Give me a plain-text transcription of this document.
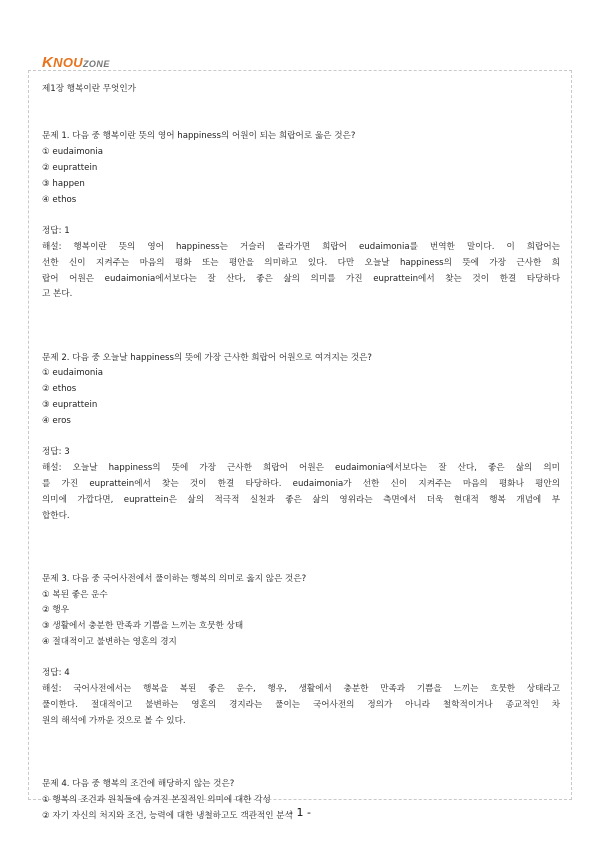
KNOUZONE
제1장 행복이란 무엇인가
문제 1. 다음 중 행복이란 뜻의 영어 happiness의 어원이 되는 희랍어로 옳은 것은?
① eudaimonia
② euprattein
③ happen
④ ethos
정답: 1
해설: 행복이란 뜻의 영어 happiness는 거슬러 올라가면 희랍어 eudaimonia를 번역한 말이다. 이 희랍어는
선한 신이 지켜주는 마음의 평화 또는 평안을 의미하고 있다. 다만 오늘날 happiness의 뜻에 가장 근사한 희
랍어 어원은 eudaimonia에서보다는 잘 산다, 좋은 삶의 의미를 가진 euprattein에서 찾는 것이 한결 타당하다
고 본다.
문제 2. 다음 중 오늘날 happiness의 뜻에 가장 근사한 희랍어 어원으로 여겨지는 것은?
① eudaimonia
② ethos
③ euprattein
④ eros
정답: 3
해설: 오늘날 happiness의 뜻에 가장 근사한 희랍어 어원은 eudaimonia에서보다는 잘 산다, 좋은 삶의 의미
를 가진 euprattein에서 찾는 것이 한결 타당하다. eudaimonia가 선한 신이 지켜주는 마음의 평화나 평안의
의미에 가깝다면, euprattein은 삶의 적극적 실천과 좋은 삶의 영위라는 측면에서 더욱 현대적 행복 개념에 부
합한다.
문제 3. 다음 중 국어사전에서 풀이하는 행복의 의미로 옳지 않은 것은?
① 복된 좋은 운수
② 행우
③ 생활에서 충분한 만족과 기쁨을 느끼는 흐뭇한 상태
④ 절대적이고 불변하는 영혼의 경지
정답: 4
해설: 국어사전에서는 행복을 복된 좋은 운수, 행우, 생활에서 충분한 만족과 기쁨을 느끼는 흐뭇한 상태라고
풀이한다. 절대적이고 불변하는 영혼의 경지라는 풀이는 국어사전의 정의가 아니라 철학적이거나 종교적인 차
원의 해석에 가까운 것으로 볼 수 있다.
문제 4. 다음 중 행복의 조건에 해당하지 않는 것은?
① 행복의 조건과 원칙들에 숨겨진 본질적인 의미에 대한 각성
② 자기 자신의 처지와 조건, 능력에 대한 냉철하고도 객관적인 분석
- 1 -
